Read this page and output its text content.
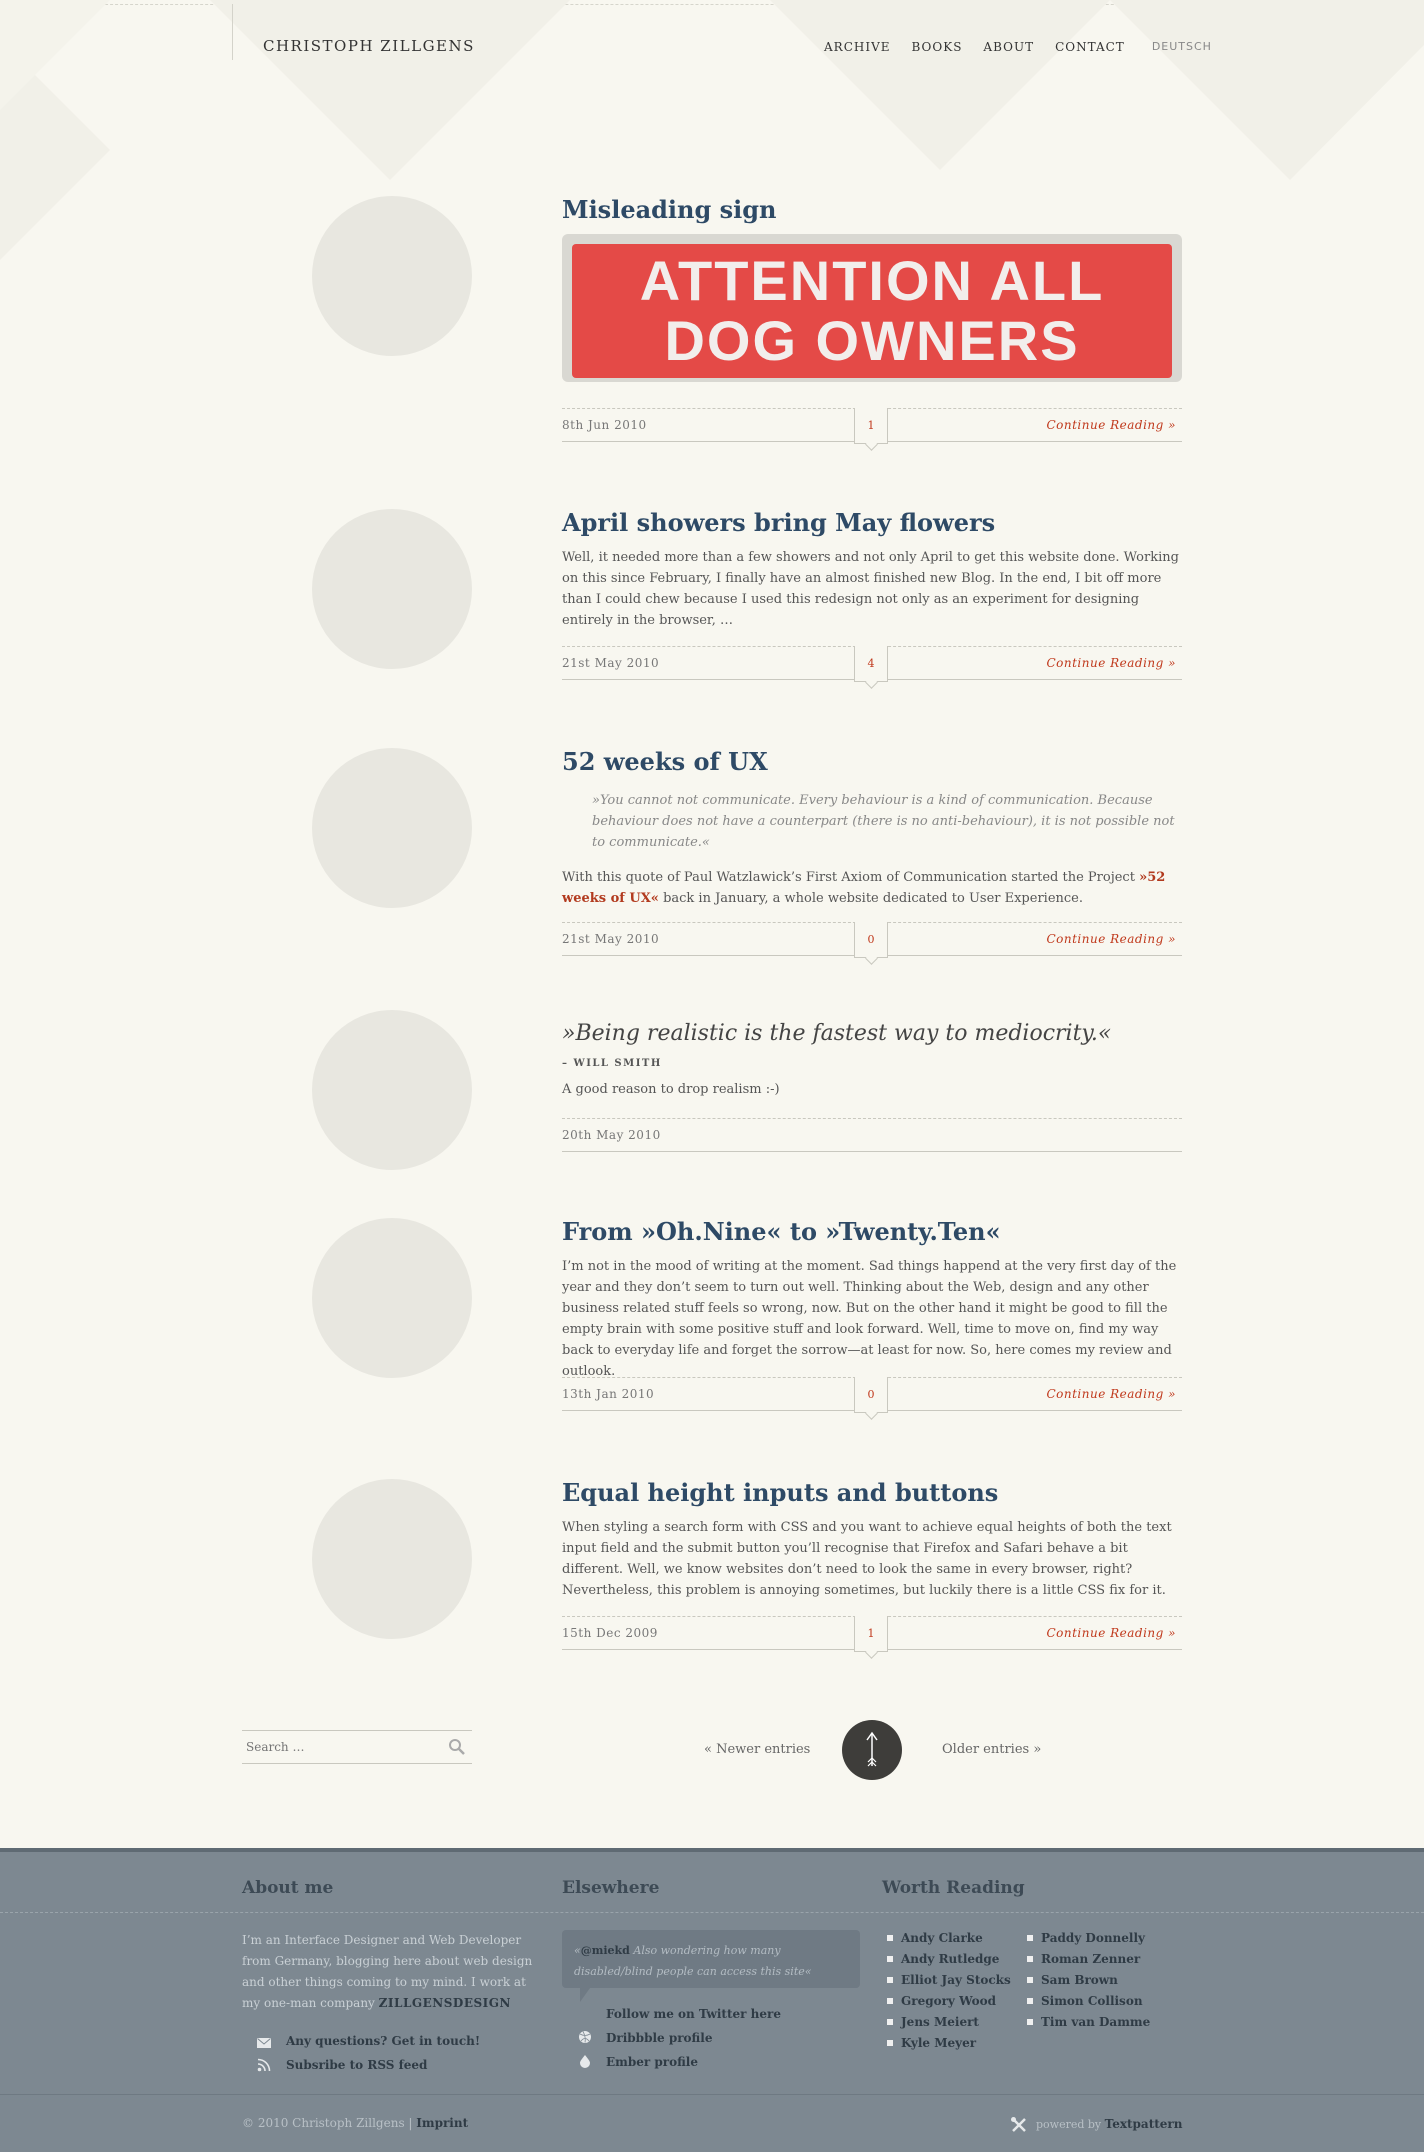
CHRISTOPH ZILLGENS	ARCHIVE BOOKS ABOUT CONTACT DEUTSCH
Misleading sign
ATTENTION ALL
DOG OWNERS
8th Jun 2010	1	Continue Reading »
April showers bring May flowers
Well, it needed more than a few showers and not only April to get this website done. Working on this since February, I finally have an almost finished new Blog. In the end, I bit off more than I could chew because I used this redesign not only as an experiment for designing entirely in the browser, …
21st May 2010	4	Continue Reading »
52 weeks of UX
»You cannot not communicate. Every behaviour is a kind of communication. Because behaviour does not have a counterpart (there is no anti-behaviour), it is not possible not to communicate.«
With this quote of Paul Watzlawick’s First Axiom of Communication started the Project »52 weeks of UX« back in January, a whole website dedicated to User Experience.
21st May 2010	0	Continue Reading »
»Being realistic is the fastest way to mediocrity.«
– WILL SMITH
A good reason to drop realism :-)
20th May 2010
From »Oh.Nine« to »Twenty.Ten«
I’m not in the mood of writing at the moment. Sad things happend at the very first day of the year and they don’t seem to turn out well. Thinking about the Web, design and any other business related stuff feels so wrong, now. But on the other hand it might be good to fill the empty brain with some positive stuff and look forward. Well, time to move on, find my way back to everyday life and forget the sorrow—at least for now. So, here comes my review and outlook.
13th Jan 2010	0	Continue Reading »
Equal height inputs and buttons
When styling a search form with CSS and you want to achieve equal heights of both the text input field and the submit button you’ll recognise that Firefox and Safari behave a bit different. Well, we know websites don’t need to look the same in every browser, right? Nevertheless, this problem is annoying sometimes, but luckily there is a little CSS fix for it.
15th Dec 2009	1	Continue Reading »
Search …
« Newer entries	Older entries »
About me	Elsewhere	Worth Reading
I’m an Interface Designer and Web Developer from Germany, blogging here about web design and other things coming to my mind. I work at my one-man company ZILLGENSDESIGN
Any questions? Get in touch!
Subsribe to RSS feed
«@miekd Also wondering how many disabled/blind people can access this site«
Follow me on Twitter here
Dribbble profile
Ember profile
Andy Clarke
Andy Rutledge
Elliot Jay Stocks
Gregory Wood
Jens Meiert
Kyle Meyer
Paddy Donnelly
Roman Zenner
Sam Brown
Simon Collison
Tim van Damme
© 2010 Christoph Zillgens | Imprint	powered by Textpattern
